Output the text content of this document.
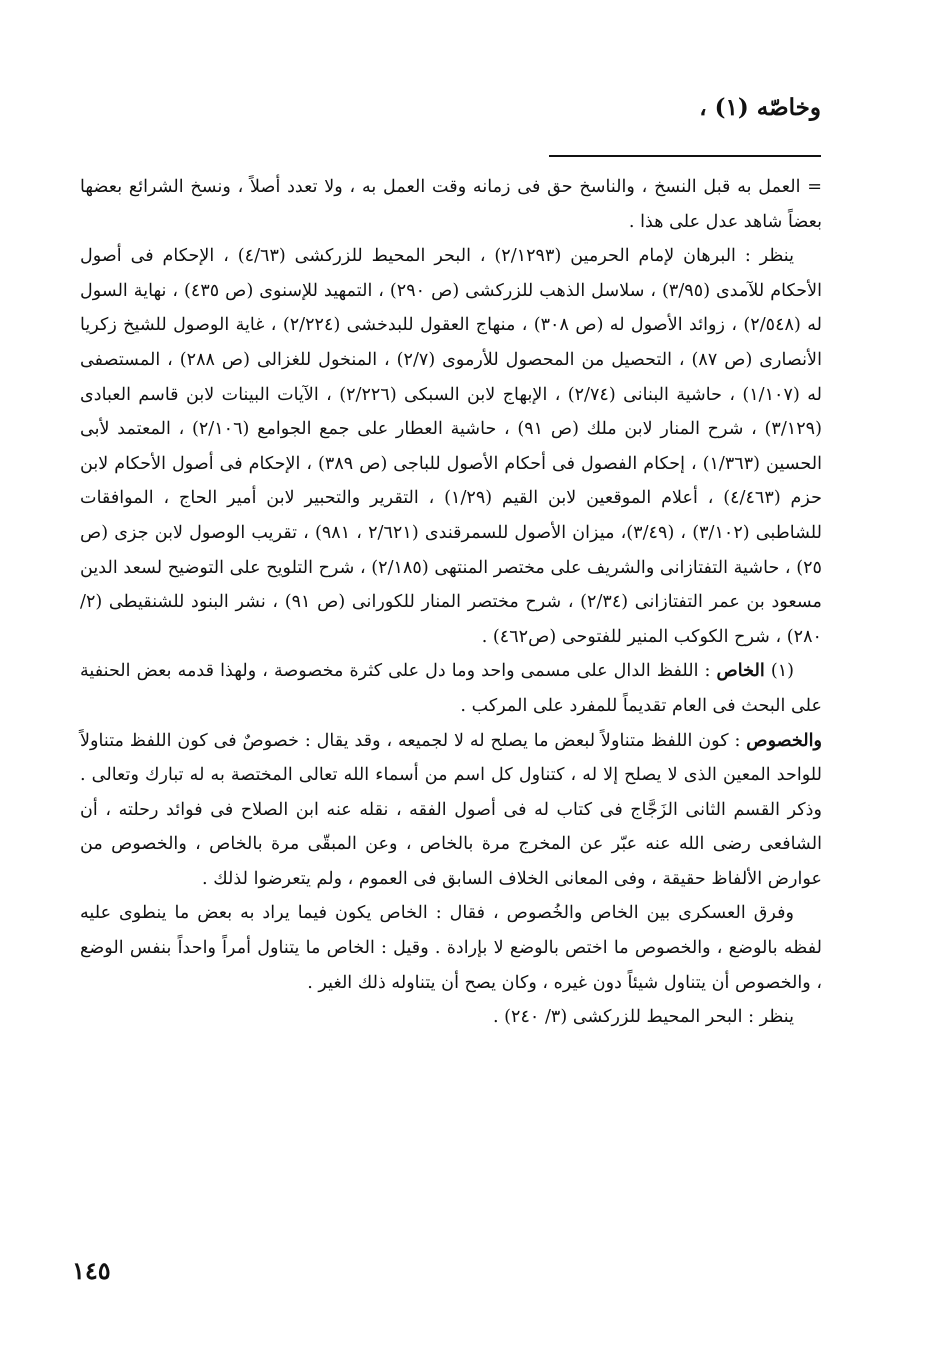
وخاصّه (١) ،

= العمل به قبل النسخ ، والناسخ حق فى زمانه وقت العمل به ، ولا تعدد أصلاً ، ونسخ الشرائع بعضها بعضاً شاهد عدل على هذا .

ينظر : البرهان لإمام الحرمين (٢/١٢٩٣) ، البحر المحيط للزركشى (٤/٦٣) ، الإحكام فى أصول الأحكام للآمدى (٣/٩٥) ، سلاسل الذهب للزركشى (ص ٢٩٠) ، التمهيد للإسنوى (ص ٤٣٥) ، نهاية السول له (٢/٥٤٨) ، زوائد الأصول له (ص ٣٠٨) ، منهاج العقول للبدخشى (٢/٢٢٤) ، غاية الوصول للشيخ زكريا الأنصارى (ص ٨٧) ، التحصيل من المحصول للأرموى (٢/٧) ، المنخول للغزالى (ص ٢٨٨) ، المستصفى له (١/١٠٧) ، حاشية البنانى (٢/٧٤) ، الإبهاج لابن السبكى (٢/٢٢٦) ، الآيات البينات لابن قاسم العبادى (٣/١٢٩) ، شرح المنار لابن ملك (ص ٩١) ، حاشية العطار على جمع الجوامع (٢/١٠٦) ، المعتمد لأبى الحسين (١/٣٦٣) ، إحكام الفصول فى أحكام الأصول للباجى (ص ٣٨٩) ، الإحكام فى أصول الأحكام لابن حزم (٤/٤٦٣) ، أعلام الموقعين لابن القيم (١/٢٩) ، التقرير والتحبير لابن أمير الحاج ، الموافقات للشاطبى (٣/١٠٢) ، (٣/٤٩)، ميزان الأصول للسمرقندى (٢/٦٢١ ، ٩٨١) ، تقريب الوصول لابن جزى (ص ٢٥) ، حاشية التفتازانى والشريف على مختصر المنتهى (٢/١٨٥) ، شرح التلويح على التوضيح لسعد الدين مسعود بن عمر التفتازانى (٢/٣٤) ، شرح مختصر المنار للكورانى (ص ٩١) ، نشر البنود للشنقيطى (٢/ ٢٨٠) ، شرح الكوكب المنير للفتوحى (ص٤٦٢) .

(١) الخاص : اللفظ الدال على مسمى واحد وما دل على كثرة مخصوصة ، ولهذا قدمه بعض الحنفية على البحث فى العام تقديماً للمفرد على المركب .

والخصوص : كون اللفظ متناولاً لبعض ما يصلح له لا لجميعه ، وقد يقال : خصوصٌ فى كون اللفظ متناولاً للواحد المعين الذى لا يصلح إلا له ، كتناول كل اسم من أسماء الله تعالى المختصة به له تبارك وتعالى . وذكر القسم الثانى الزَجَّاج فى كتاب له فى أصول الفقه ، نقله عنه ابن الصلاح فى فوائد رحلته ، أن الشافعى رضى الله عنه عبّر عن المخرج مرة بالخاص ، وعن المبقّى مرة بالخاص ، والخصوص من عوارض الألفاظ حقيقة ، وفى المعانى الخلاف السابق فى العموم ، ولم يتعرضوا لذلك .

وفرق العسكرى بين الخاص والخُصوص ، فقال : الخاص يكون فيما يراد به بعض ما ينطوى عليه لفظه بالوضع ، والخصوص ما اختص بالوضع لا بإرادة . وقيل : الخاص ما يتناول أمراً واحداً بنفس الوضع ، والخصوص أن يتناول شيئاً دون غيره ، وكان يصح أن يتناوله ذلك الغير .

ينظر : البحر المحيط للزركشى (٣/ ٢٤٠) .

١٤٥
